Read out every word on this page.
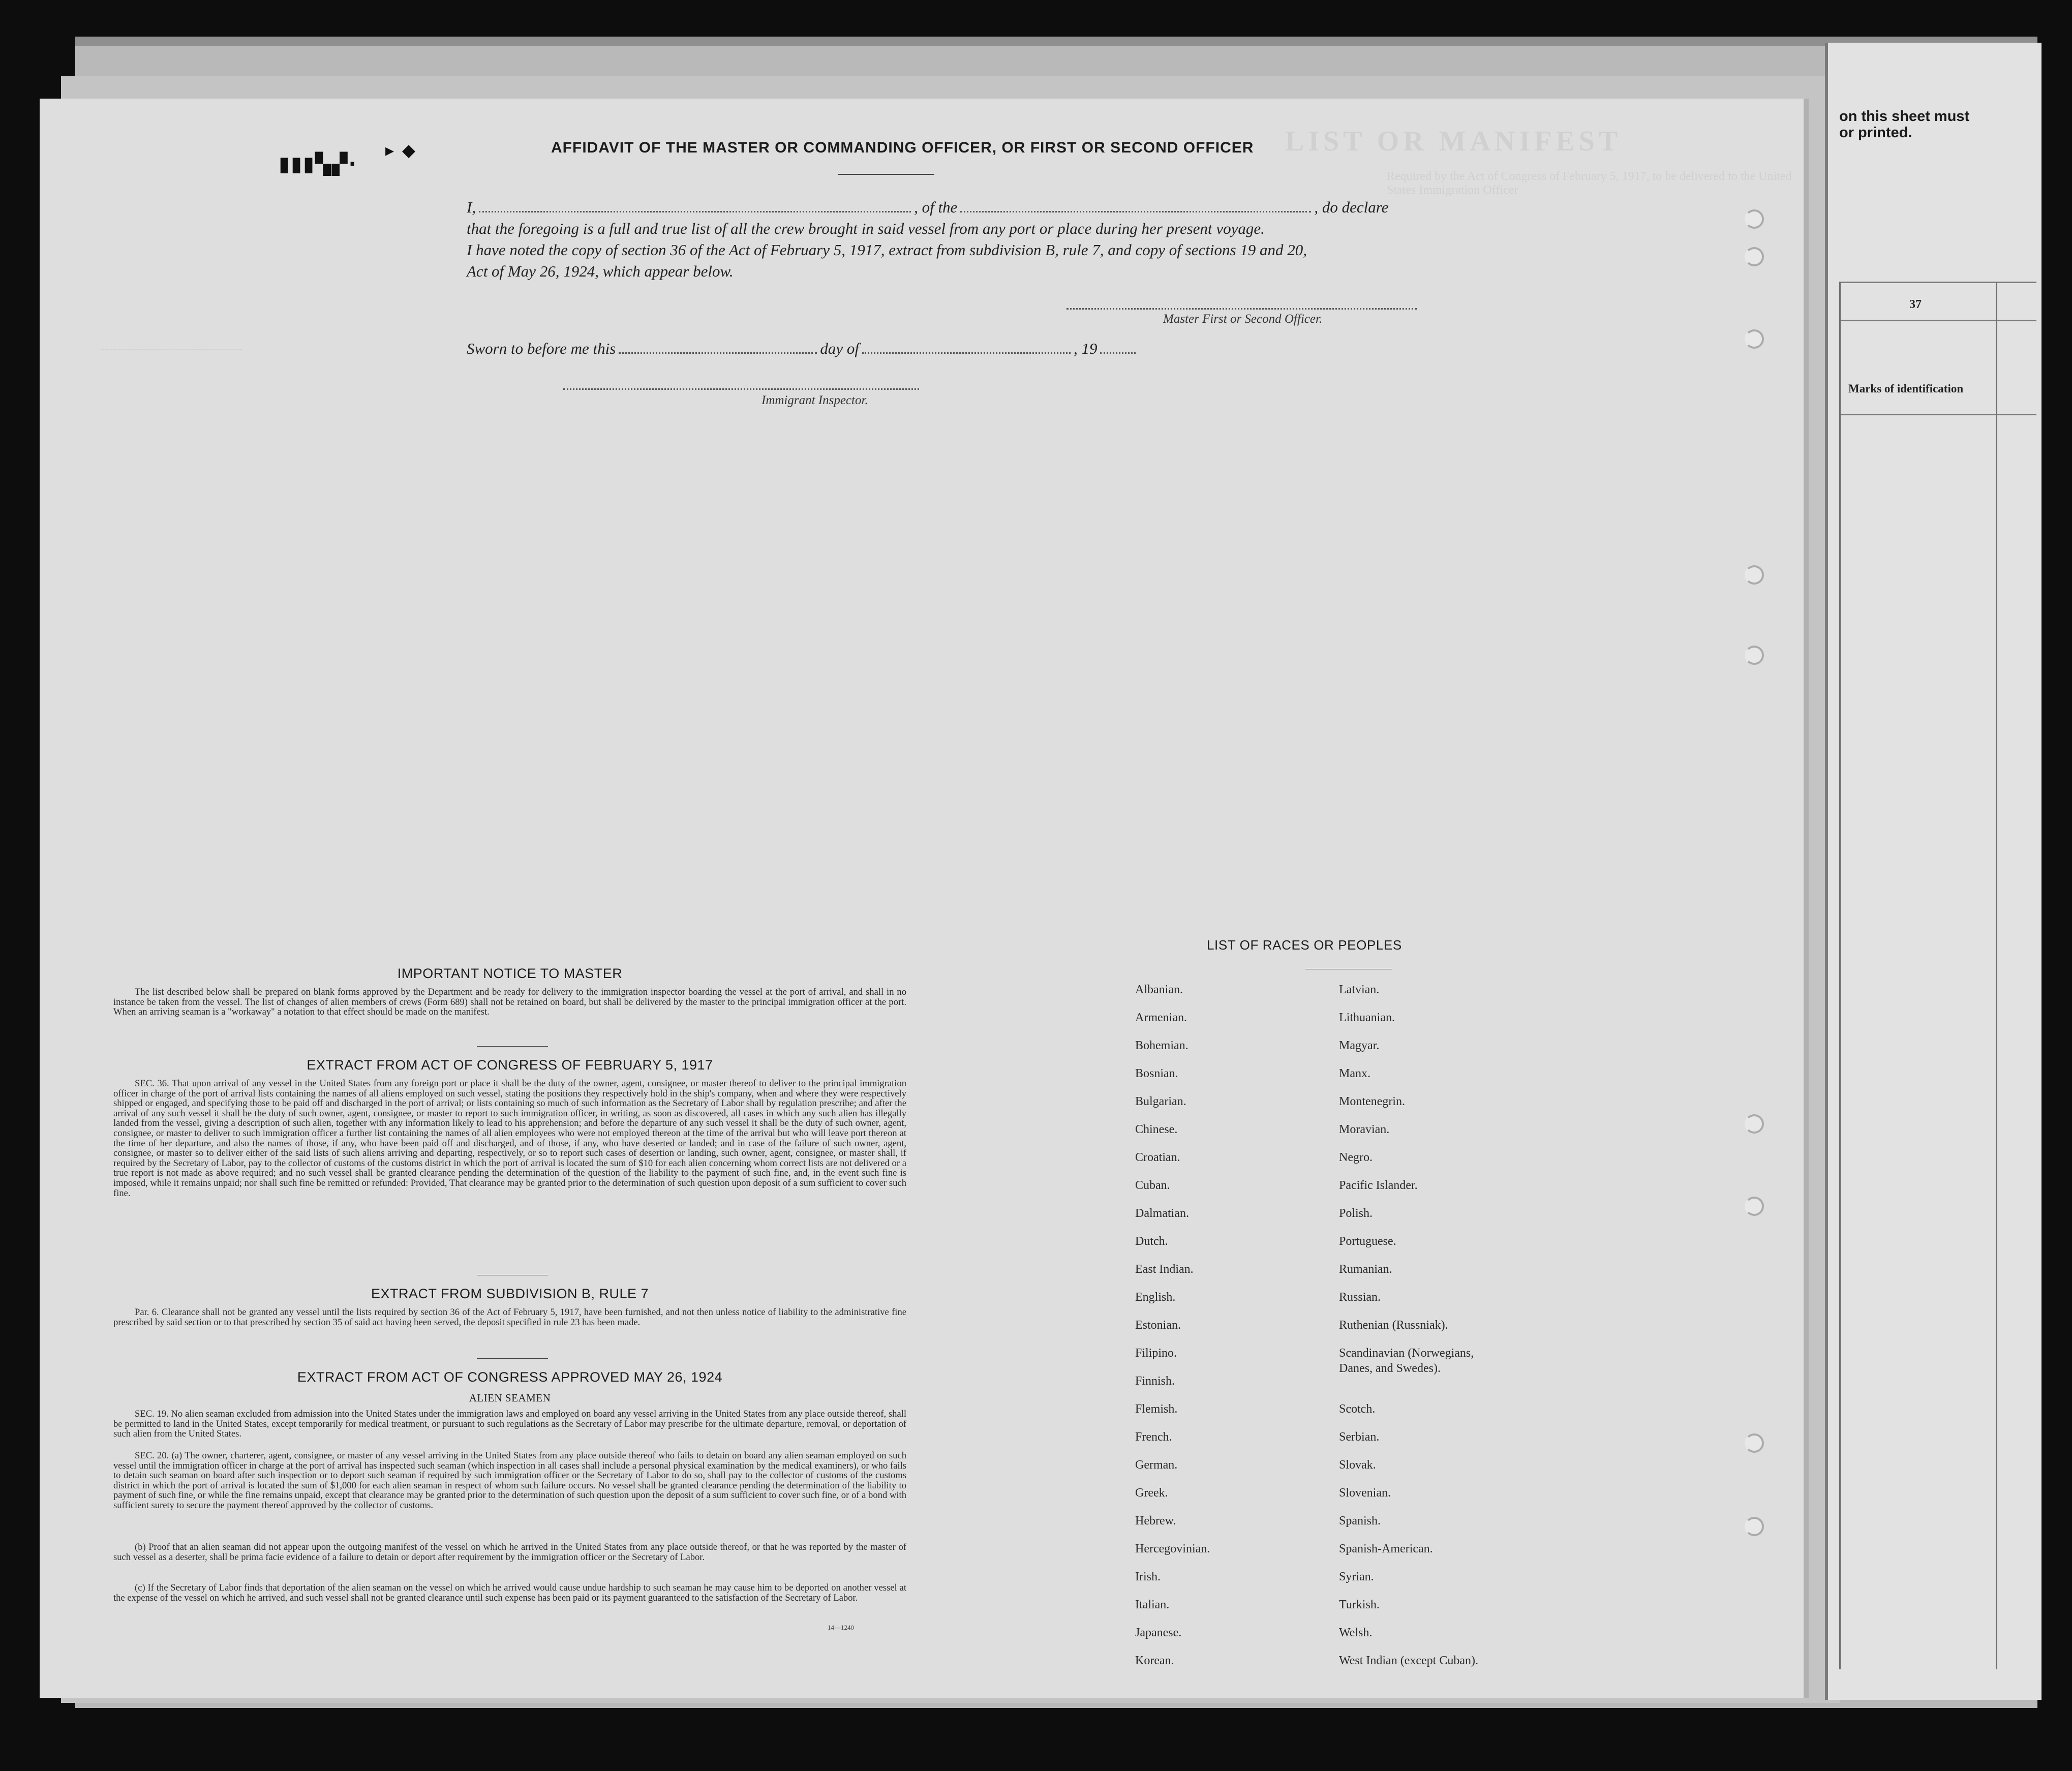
on this sheet must
or printed.
37
Marks of identification
LIST OR MANIFEST
Required by the Act of Congress of February 5, 1917, to be delivered to the United States Immigration Officer
-----------------------------------
▮▮▮▚▞·
▸ ◆	AFFIDAVIT OF THE MASTER OR COMMANDING OFFICER, OR FIRST OR SECOND OFFICER
I,	, of the	, do declare
that the foregoing is a full and true list of all the crew brought in said vessel from any port or place during her present voyage.
I have noted the copy of section 36 of the Act of February 5, 1917, extract from subdivision B, rule 7, and copy of sections 19 and 20,
Act of May 26, 1924, which appear below.
Master First or Second Officer.
Sworn to before me this	day of	, 19
Immigrant Inspector.
IMPORTANT NOTICE TO MASTER
The list described below shall be prepared on blank forms approved by the Department and be ready for delivery to the immigration inspector boarding the vessel at the port of arrival, and shall in no instance be taken from the vessel. The list of changes of alien members of crews (Form 689) shall not be retained on board, but shall be delivered by the master to the principal immigration officer at the port. When an arriving seaman is a "workaway" a notation to that effect should be made on the manifest.
EXTRACT FROM ACT OF CONGRESS OF FEBRUARY 5, 1917
SEC. 36. That upon arrival of any vessel in the United States from any foreign port or place it shall be the duty of the owner, agent, consignee, or master thereof to deliver to the principal immigration officer in charge of the port of arrival lists containing the names of all aliens employed on such vessel, stating the positions they respectively hold in the ship's company, when and where they were respectively shipped or engaged, and specifying those to be paid off and discharged in the port of arrival; or lists containing so much of such information as the Secretary of Labor shall by regulation prescribe; and after the arrival of any such vessel it shall be the duty of such owner, agent, consignee, or master to report to such immigration officer, in writing, as soon as discovered, all cases in which any such alien has illegally landed from the vessel, giving a description of such alien, together with any information likely to lead to his apprehension; and before the departure of any such vessel it shall be the duty of such owner, agent, consignee, or master to deliver to such immigration officer a further list containing the names of all alien employees who were not employed thereon at the time of the arrival but who will leave port thereon at the time of her departure, and also the names of those, if any, who have been paid off and discharged, and of those, if any, who have deserted or landed; and in case of the failure of such owner, agent, consignee, or master so to deliver either of the said lists of such aliens arriving and departing, respectively, or so to report such cases of desertion or landing, such owner, agent, consignee, or master shall, if required by the Secretary of Labor, pay to the collector of customs of the customs district in which the port of arrival is located the sum of $10 for each alien concerning whom correct lists are not delivered or a true report is not made as above required; and no such vessel shall be granted clearance pending the determination of the question of the liability to the payment of such fine, and, in the event such fine is imposed, while it remains unpaid; nor shall such fine be remitted or refunded: Provided, That clearance may be granted prior to the determination of such question upon deposit of a sum sufficient to cover such fine.
EXTRACT FROM SUBDIVISION B, RULE 7
Par. 6. Clearance shall not be granted any vessel until the lists required by section 36 of the Act of February 5, 1917, have been furnished, and not then unless notice of liability to the administrative fine prescribed by said section or to that prescribed by section 35 of said act having been served, the deposit specified in rule 23 has been made.
EXTRACT FROM ACT OF CONGRESS APPROVED MAY 26, 1924
ALIEN SEAMEN
SEC. 19. No alien seaman excluded from admission into the United States under the immigration laws and employed on board any vessel arriving in the United States from any place outside thereof, shall be permitted to land in the United States, except temporarily for medical treatment, or pursuant to such regulations as the Secretary of Labor may prescribe for the ultimate departure, removal, or deportation of such alien from the United States.
SEC. 20. (a) The owner, charterer, agent, consignee, or master of any vessel arriving in the United States from any place outside thereof who fails to detain on board any alien seaman employed on such vessel until the immigration officer in charge at the port of arrival has inspected such seaman (which inspection in all cases shall include a personal physical examination by the medical examiners), or who fails to detain such seaman on board after such inspection or to deport such seaman if required by such immigration officer or the Secretary of Labor to do so, shall pay to the collector of customs of the customs district in which the port of arrival is located the sum of $1,000 for each alien seaman in respect of whom such failure occurs. No vessel shall be granted clearance pending the determination of the liability to payment of such fine, or while the fine remains unpaid, except that clearance may be granted prior to the determination of such question upon the deposit of a sum sufficient to cover such fine, or of a bond with sufficient surety to secure the payment thereof approved by the collector of customs.
(b) Proof that an alien seaman did not appear upon the outgoing manifest of the vessel on which he arrived in the United States from any place outside thereof, or that he was reported by the master of such vessel as a deserter, shall be prima facie evidence of a failure to detain or deport after requirement by the immigration officer or the Secretary of Labor.
(c) If the Secretary of Labor finds that deportation of the alien seaman on the vessel on which he arrived would cause undue hardship to such seaman he may cause him to be deported on another vessel at the expense of the vessel on which he arrived, and such vessel shall not be granted clearance until such expense has been paid or its payment guaranteed to the satisfaction of the Secretary of Labor.
14—1240
LIST OF RACES OR PEOPLES
Albanian.
Armenian.
Bohemian.
Bosnian.
Bulgarian.
Chinese.
Croatian.
Cuban.
Dalmatian.
Dutch.
East Indian.
English.
Estonian.
Filipino.
Finnish.
Flemish.
French.
German.
Greek.
Hebrew.
Hercegovinian.
Irish.
Italian.
Japanese.
Korean.
Latvian.
Lithuanian.
Magyar.
Manx.
Montenegrin.
Moravian.
Negro.
Pacific Islander.
Polish.
Portuguese.
Rumanian.
Russian.
Ruthenian (Russniak).
Scandinavian (Norwegians,
Danes, and Swedes).
Scotch.
Serbian.
Slovak.
Slovenian.
Spanish.
Spanish-American.
Syrian.
Turkish.
Welsh.
West Indian (except Cuban).
